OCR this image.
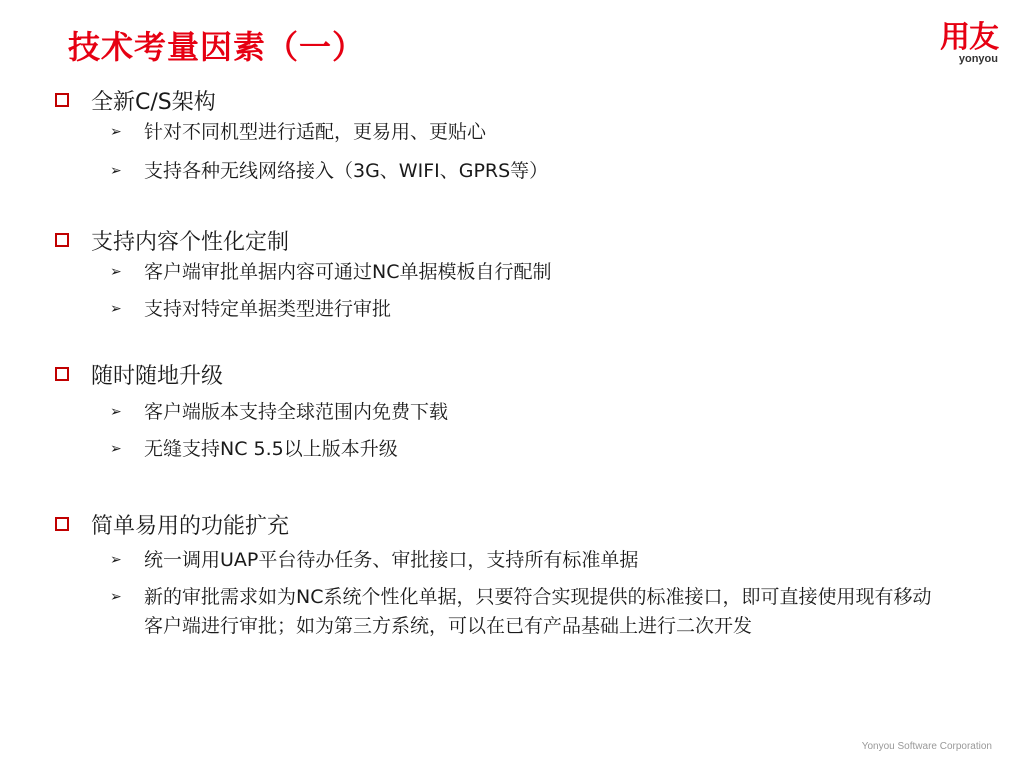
技术考量因素（一）	用友
yonyou
全新C/S架构
➢	针对不同机型进行适配，更易用、更贴心
➢	支持各种无线网络接入（3G、WIFI、GPRS等）
支持内容个性化定制
➢	客户端审批单据内容可通过NC单据模板自行配制
➢	支持对特定单据类型进行审批
随时随地升级
➢	客户端版本支持全球范围内免费下载
➢	无缝支持NC 5.5以上版本升级
简单易用的功能扩充
➢	统一调用UAP平台待办任务、审批接口，支持所有标准单据
➢	新的审批需求如为NC系统个性化单据，只要符合实现提供的标准接口，即可直接使用现有移动客户端进行审批；如为第三方系统，可以在已有产品基础上进行二次开发
Yonyou Software Corporation
